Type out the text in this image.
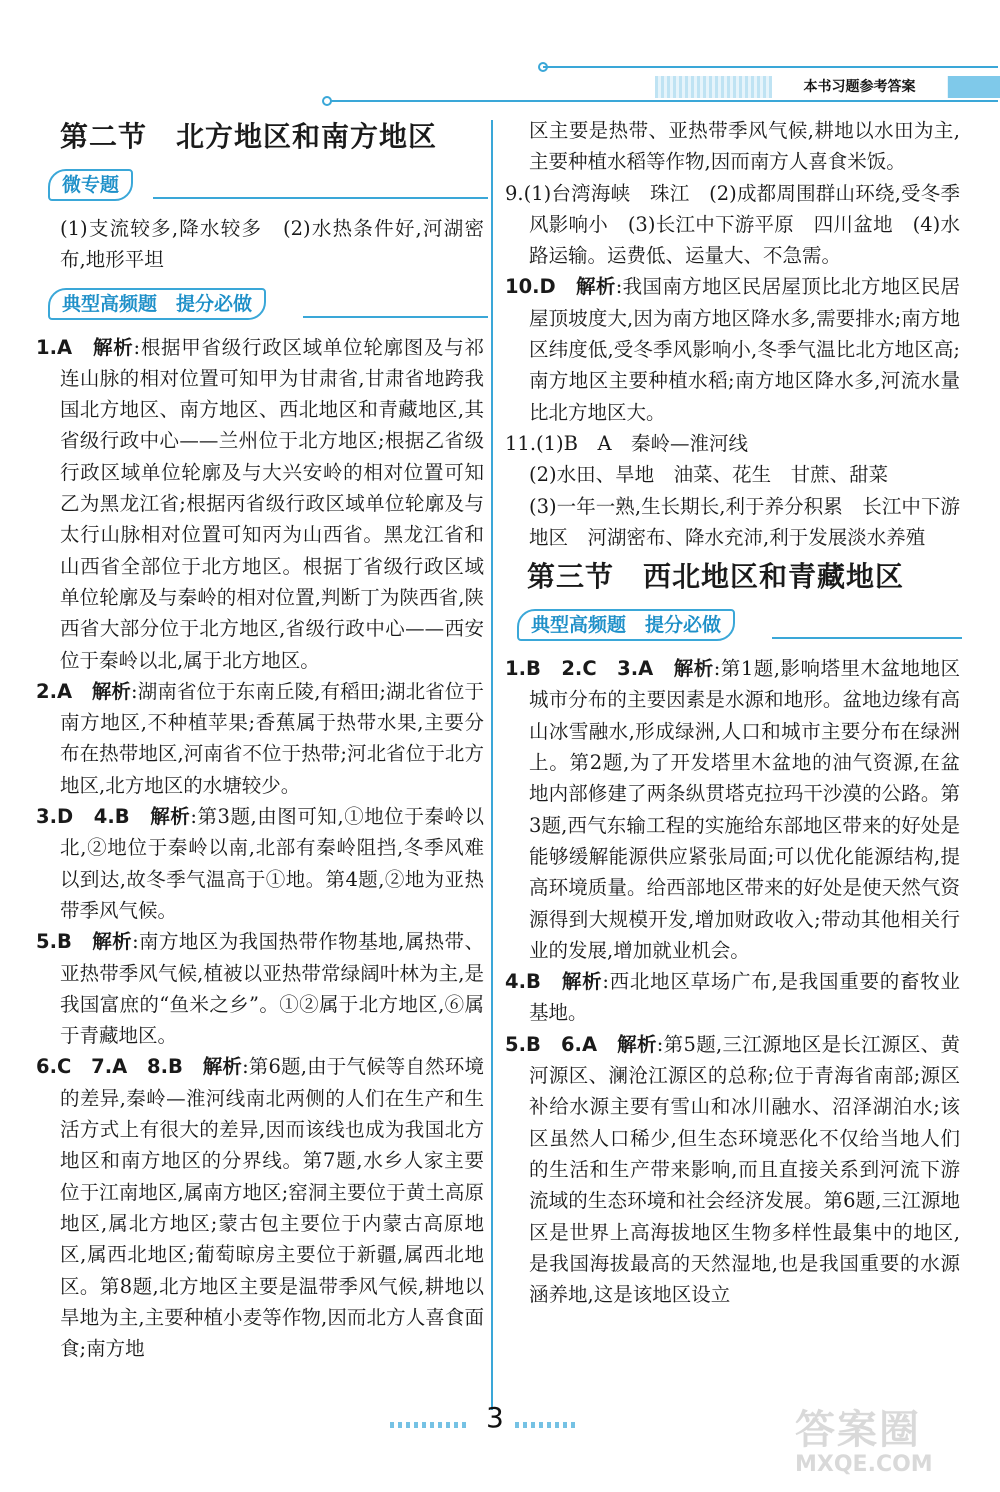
本书习题参考答案
第二节　北方地区和南方地区
微专题
(1)支流较多,降水较多　(2)水热条件好,河湖密布,地形平坦
典型高频题　提分必做
1.A　 解析:根据甲省级行政区域单位轮廓图及与祁连山脉的相对位置可知甲为甘肃省,甘肃省地跨我国北方地区、南方地区、西北地区和青藏地区,其省级行政中心——兰州位于北方地区;根据乙省级行政区域单位轮廓及与大兴安岭的相对位置可知乙为黑龙江省;根据丙省级行政区域单位轮廓及与太行山脉相对位置可知丙为山西省。黑龙江省和山西省全部位于北方地区。根据丁省级行政区域单位轮廓及与秦岭的相对位置,判断丁为陕西省,陕西省大部分位于北方地区,省级行政中心——西安位于秦岭以北,属于北方地区。
2.A　 解析:湖南省位于东南丘陵,有稻田;湖北省位于南方地区,不种植苹果;香蕉属于热带水果,主要分布在热带地区,河南省不位于热带;河北省位于北方地区,北方地区的水塘较少。
3.D　4.B　 解析:第3题,由图可知,①地位于秦岭以北,②地位于秦岭以南,北部有秦岭阻挡,冬季风难以到达,故冬季气温高于①地。第4题,②地为亚热带季风气候。
5.B　 解析:南方地区为我国热带作物基地,属热带、亚热带季风气候,植被以亚热带常绿阔叶林为主,是我国富庶的“鱼米之乡”。①②属于北方地区,⑥属于青藏地区。
6.C　7.A　8.B　 解析:第6题,由于气候等自然环境的差异,秦岭—淮河线南北两侧的人们在生产和生活方式上有很大的差异,因而该线也成为我国北方地区和南方地区的分界线。第7题,水乡人家主要位于江南地区,属南方地区;窑洞主要位于黄土高原地区,属北方地区;蒙古包主要位于内蒙古高原地区,属西北地区;葡萄晾房主要位于新疆,属西北地区。第8题,北方地区主要是温带季风气候,耕地以旱地为主,主要种植小麦等作物,因而北方人喜食面食;南方地
区主要是热带、亚热带季风气候,耕地以水田为主,主要种植水稻等作物,因而南方人喜食米饭。
9.(1)台湾海峡　珠江　(2)成都周围群山环绕,受冬季风影响小　(3)长江中下游平原　四川盆地　(4)水路运输。运费低、运量大、不急需。
10.D　 解析:我国南方地区民居屋顶比北方地区民居屋顶坡度大,因为南方地区降水多,需要排水;南方地区纬度低,受冬季风影响小,冬季气温比北方地区高;南方地区主要种植水稻;南方地区降水多,河流水量比北方地区大。
11.(1)B　A　秦岭—淮河线
(2)水田、旱地　油菜、花生　甘蔗、甜菜
(3)一年一熟,生长期长,利于养分积累　长江中下游地区　河湖密布、降水充沛,利于发展淡水养殖
第三节　西北地区和青藏地区
典型高频题　提分必做
1.B　2.C　3.A　 解析:第1题,影响塔里木盆地地区城市分布的主要因素是水源和地形。盆地边缘有高山冰雪融水,形成绿洲,人口和城市主要分布在绿洲上。第2题,为了开发塔里木盆地的油气资源,在盆地内部修建了两条纵贯塔克拉玛干沙漠的公路。第3题,西气东输工程的实施给东部地区带来的好处是能够缓解能源供应紧张局面;可以优化能源结构,提高环境质量。给西部地区带来的好处是使天然气资源得到大规模开发,增加财政收入;带动其他相关行业的发展,增加就业机会。
4.B　 解析:西北地区草场广布,是我国重要的畜牧业基地。
5.B　6.A　 解析:第5题,三江源地区是长江源区、黄河源区、澜沧江源区的总称;位于青海省南部;源区补给水源主要有雪山和冰川融水、沼泽湖泊水;该区虽然人口稀少,但生态环境恶化不仅给当地人们的生活和生产带来影响,而且直接关系到河流下游流域的生态环境和社会经济发展。第6题,三江源地区是世界上高海拔地区生物多样性最集中的地区,是我国海拔最高的天然湿地,也是我国重要的水源涵养地,这是该地区设立
3	答案圈
MXQE.COM
